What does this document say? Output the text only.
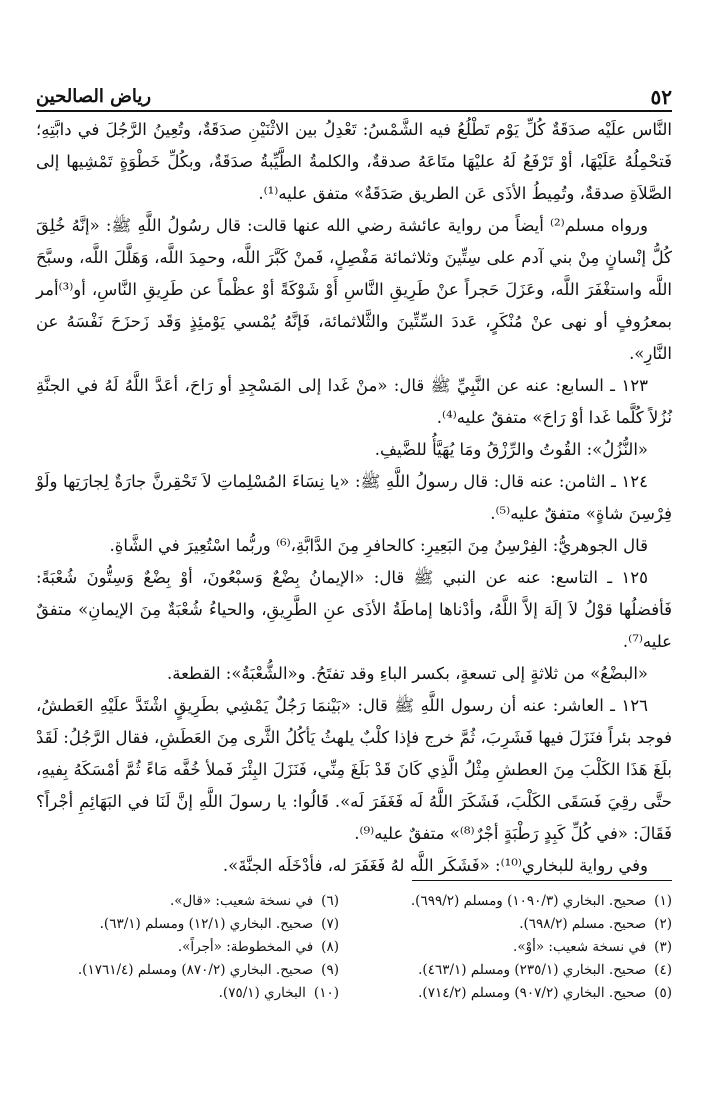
٥٢
رياض الصالحين

النَّاس علَيْه صدَقَةٌ كُلِّ يَوْم تَطْلُعُ فيه الشَّمْسُ: تَعْدِلُ بين الاثْنَيْنِ صدَقَةٌ، وتُعِينُ الرَّجُلَ في دابَّتِهِ؛ فَتحْمِلُهُ عَلَيْهَا، أوْ تَرْفَعُ لَهُ عليْهَا متَاعَهُ صدقةٌ، والكلمةُ الطَّيِّبةُ صدَقَةٌ، وبكُلِّ خَطْوَةٍ تَمْشِيها إلى الصَّلاَةِ صدقةٌ، وتُمِيطُ الأذَى عَن الطريق صَدَقَةٌ» متفق عليه⁽¹⁾.

ورواه مسلم⁽²⁾ أيضاً من رواية عائشة رضي الله عنها قالت: قال رسُولُ اللَّهِ ﷺ: «إنَّهُ خُلِقَ كُلُّ إنْسانٍ مِنْ بني آدم على سِتِّينَ وثلاثمائة مَفْصِلٍ، فَمنْ كَبَّرَ اللَّه، وحمِدَ اللَّه، وَهَلَّلَ اللَّه، وسبَّحَ اللَّه واستغْفَرَ اللَّه، وعَزَلَ حَجراً عنْ طَرِيقِ النَّاسِ أَوْ شَوْكَةً أوْ عظْماً عن طَرِيقِ النَّاسِ، أو⁽³⁾أمر بمعرُوفٍ أو نهى عنْ مُنْكَرٍ، عَددَ السِّتِّينَ والثَّلاثمائة، فَإنَّهُ يُمْسي يَوْمئِذٍ وَقَد زَحزَحَ نَفْسَهُ عن النَّارِ».

١٢٣ ـ السابع: عنه عن النَّبِيِّ ﷺ قال: «منْ غَدا إلى المَسْجِدِ أو رَاحَ، أعَدَّ اللَّهُ لَهُ في الجنَّةِ نُزُلاً كُلَّما غَدا أوْ رَاحَ» متفقٌ عليه⁽⁴⁾.

«النُّزُلُ»: القُوتُ والرِّزْقُ ومَا يُهَيَّأُ للضَّيفِ.

١٢٤ ـ الثامن: عنه قال: قال رسولُ اللَّهِ ﷺ: «يا نِسَاءَ المُسْلِماتِ لاَ تَحْقِرنَّ جارَةٌ لِجارَتِها ولَوْ فِرْسِنَ شاةٍ» متفقٌ عليه⁽⁵⁾.

قال الجوهريُّ: الفِرْسِنُ مِنَ البَعِيرِ: كالحافرِ مِنَ الدَّابَّةِ،⁽⁶⁾ وربُّما اسْتُعِيرَ في الشَّاةِ.

١٢٥ ـ التاسع: عنه عن النبي ﷺ قال: «الإيمانُ بِضْعٌ وَسبْعُونَ، أوْ بِضْعٌ وَسِتُّونَ شُعْبَةً: فَأفضلُها قوْلُ لاَ إلَهَ إلاَّ اللَّهُ، وأدْناها إماطَةُ الأذَى عنِ الطَّرِيقِ، والحياءُ شُعْبَةٌ مِنَ الإيمانِ» متفقٌ عليه⁽⁷⁾.

«البضْعُ» من ثلاثةٍ إلى تسعةٍ، بكسر الباءِ وقد تفتَحُ. و«الشُّعْبَةُ»: القطعة.

١٢٦ ـ العاشر: عنه أن رسول اللَّهِ ﷺ قال: «بَيْنمَا رَجُلٌ يَمْشِي بطَرِيقٍ اشْتَدَّ علَيْهِ العَطشُ، فوجد بئراً فنَزَلَ فيها فَشَرِبَ، ثُمَّ خرج فإذا كلْبٌ يلهثُ يَأكُلُ الثَّرى مِنَ العَطَشِ، فقال الرَّجُلُ: لَقَدْ بلَغَ هَذَا الكَلْبَ مِنَ العطشِ مِثْلُ الَّذِي كَانَ قَدْ بَلَغَ مِنِّي، فَنَزَلَ البِئْرَ فَملأ خُفَّه مَاءً ثُمَّ أمْسَكَهُ بِفيهِ، حتَّى رقِيَ فَسَقَى الكَلْبَ، فَشَكَرَ اللَّهُ لَه فَغَفَرَ لَه». قَالُوا: يا رسولَ اللَّهِ إنَّ لَنَا في البَهَائِمِ أجْراً؟ فَقَالَ: «في كُلِّ كَبِدٍ رَطْبَةٍ أجْرٌ⁽⁸⁾» متفقٌ عليه⁽⁹⁾.

وفي رواية للبخاري⁽¹⁰⁾: «فَشَكَر اللَّه لهُ فَغَفَرَ له، فأدْخَلَه الجنَّةَ».

(١)
صحيح. البخاري (١٠٩٠/٣) ومسلم (٦٩٩/٢).
(٢)
صحيح. مسلم (٦٩٨/٢).
(٣)
في نسخة شعيب: «أوْ».
(٤)
صحيح. البخاري (٢٣٥/١) ومسلم (٤٦٣/١).
(٥)
صحيح. البخاري (٩٠٧/٢) ومسلم (٧١٤/٢).
(٦)
في نسخة شعيب: «قال».
(٧)
صحيح. البخاري (١٢/١) ومسلم (٦٣/١).
(٨)
في المخطوطة: «أجراً».
(٩)
صحيح. البخاري (٨٧٠/٢) ومسلم (١٧٦١/٤).
(١٠)
البخاري (٧٥/١).
